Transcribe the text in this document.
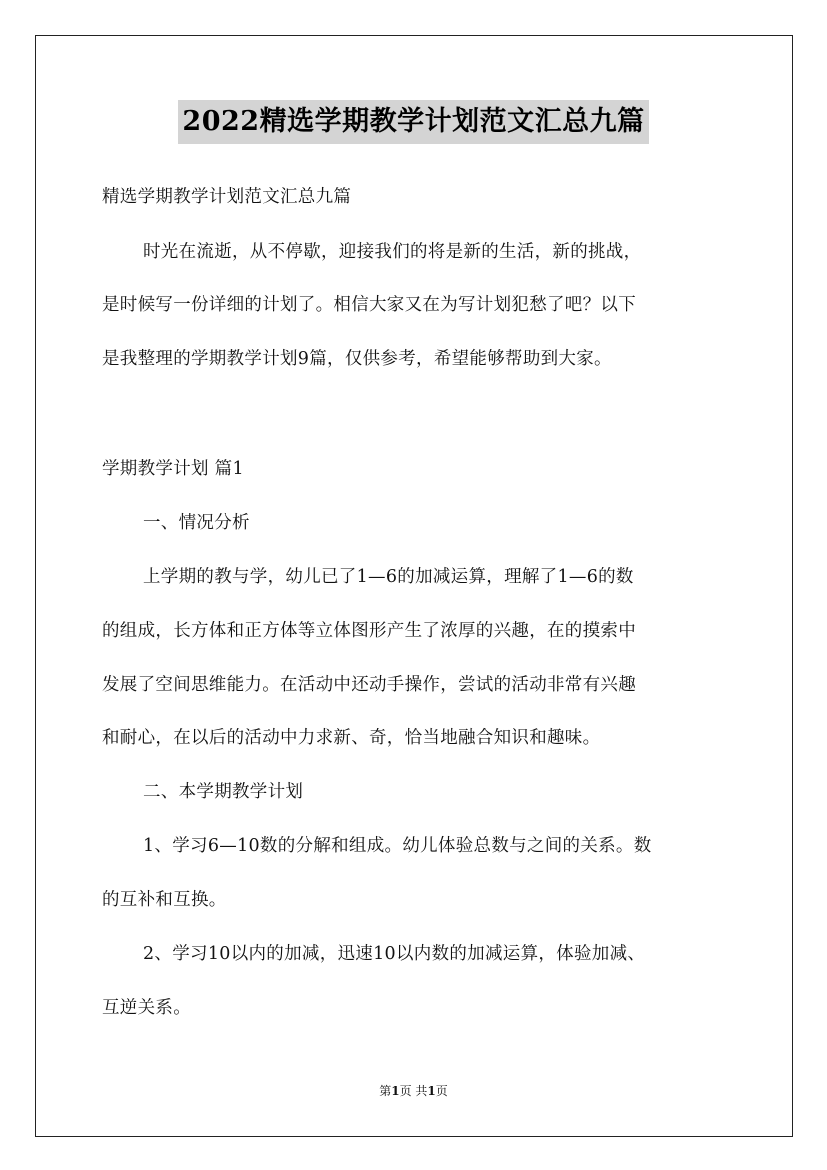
2022精选学期教学计划范文汇总九篇
精选学期教学计划范文汇总九篇
时光在流逝，从不停歇，迎接我们的将是新的生活，新的挑战，
是时候写一份详细的计划了。相信大家又在为写计划犯愁了吧？以下
是我整理的学期教学计划9篇，仅供参考，希望能够帮助到大家。
学期教学计划 篇1
一、情况分析
上学期的教与学，幼儿已了1—6的加减运算，理解了1—6的数
的组成，长方体和正方体等立体图形产生了浓厚的兴趣，在的摸索中
发展了空间思维能力。在活动中还动手操作，尝试的活动非常有兴趣
和耐心，在以后的活动中力求新、奇，恰当地融合知识和趣味。
二、本学期教学计划
1、学习6—10数的分解和组成。幼儿体验总数与之间的关系。数
的互补和互换。
2、学习10以内的加减，迅速10以内数的加减运算，体验加减、
互逆关系。
第1页 共1页
